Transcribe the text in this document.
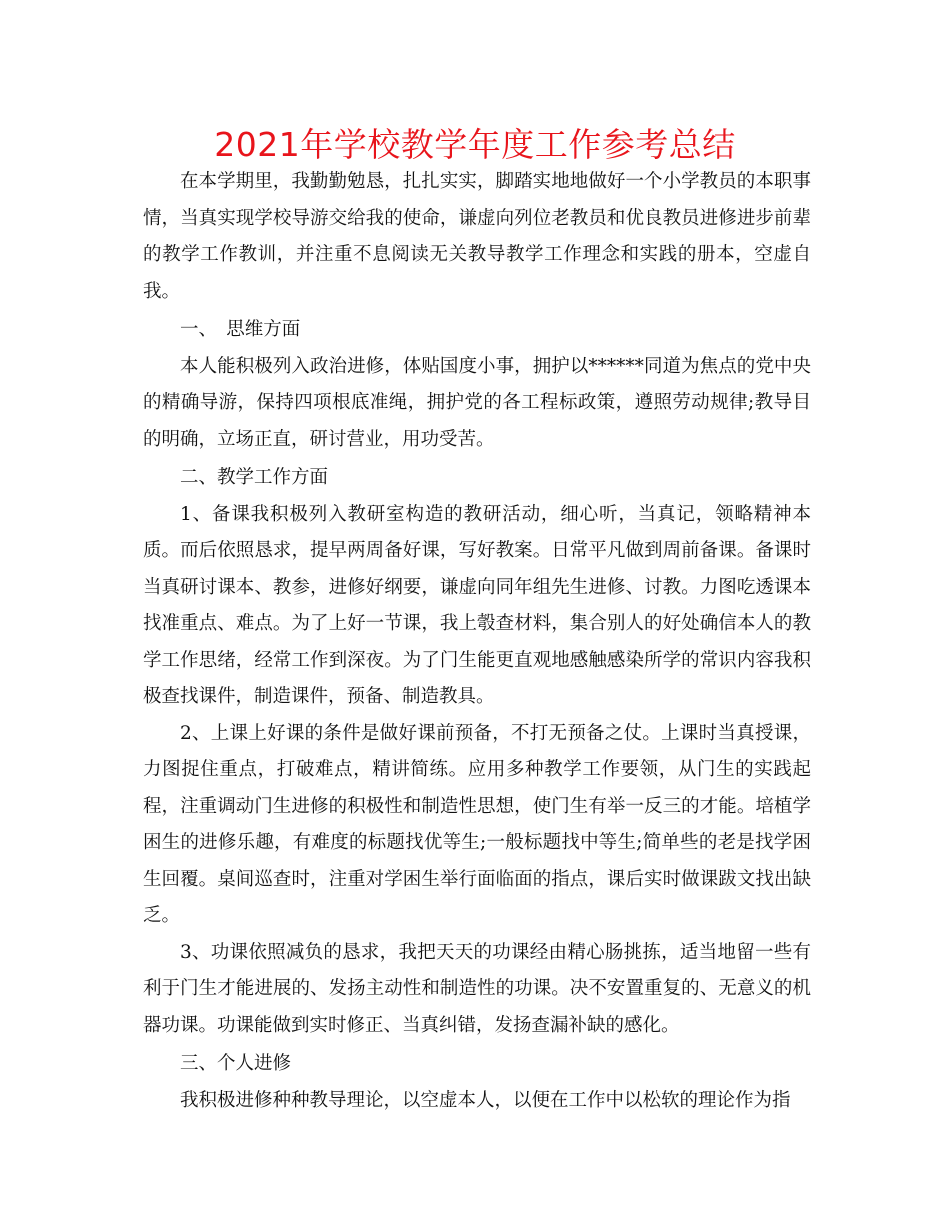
2021年学校教学年度工作参考总结

在本学期里，我勤勤勉恳，扎扎实实，脚踏实地地做好一个小学教员的本职事情，当真实现学校导游交给我的使命，谦虚向列位老教员和优良教员进修进步前辈的教学工作教训，并注重不息阅读无关教导教学工作理念和实践的册本，空虚自我。

一、　思维方面

本人能积极列入政治进修，体贴国度小事，拥护以******同道为焦点的党中央的精确导游，保持四项根底准绳，拥护党的各工程标政策，遵照劳动规律;教导目的明确，立场正直，研讨营业，用功受苦。

二、教学工作方面

1、备课我积极列入教研室构造的教研活动，细心听，当真记，领略精神本质。而后依照恳求，提早两周备好课，写好教案。日常平凡做到周前备课。备课时当真研讨课本、教参，进修好纲要，谦虚向同年组先生进修、讨教。力图吃透课本找准重点、难点。为了上好一节课，我上彀查材料，集合别人的好处确信本人的教学工作思绪，经常工作到深夜。为了门生能更直观地感触感染所学的常识内容我积极查找课件，制造课件，预备、制造教具。

2、上课上好课的条件是做好课前预备，不打无预备之仗。上课时当真授课，力图捉住重点，打破难点，精讲简练。应用多种教学工作要领，从门生的实践起程，注重调动门生进修的积极性和制造性思想，使门生有举一反三的才能。培植学困生的进修乐趣，有难度的标题找优等生;一般标题找中等生;简单些的老是找学困生回覆。桌间巡查时，注重对学困生举行面临面的指点，课后实时做课跋文找出缺乏。

3、功课依照减负的恳求，我把天天的功课经由精心肠挑拣，适当地留一些有利于门生才能进展的、发扬主动性和制造性的功课。决不安置重复的、无意义的机器功课。功课能做到实时修正、当真纠错，发扬查漏补缺的感化。

三、个人进修

我积极进修种种教导理论，以空虚本人，以便在工作中以松软的理论作为指
